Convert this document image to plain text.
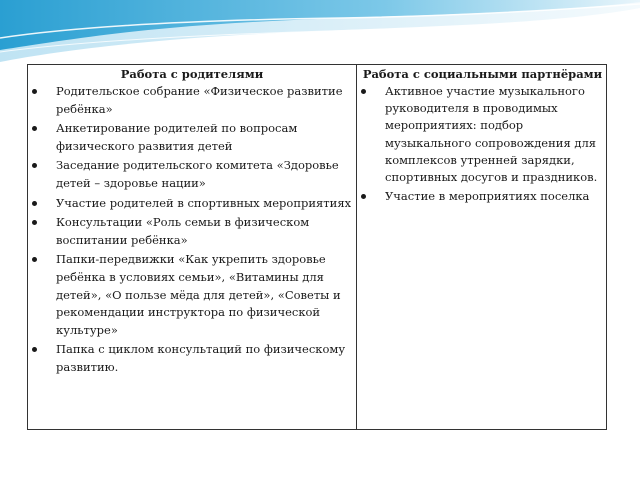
Работа с родителями
Родительское собрание «Физическое развитие ребёнка»
Анкетирование родителей по вопросам физического развития детей
Заседание родительского комитета «Здоровье детей – здоровье нации»
Участие родителей в спортивных мероприятиях
Консультации «Роль семьи в физическом воспитании ребёнка»
Папки-передвижки «Как укрепить здоровье ребёнка в условиях семьи», «Витамины для детей», «О пользе мёда для детей», «Советы и рекомендации инструктора по физической культуре»
Папка с циклом консультаций по физическому развитию.
Работа с социальными партнёрами
Активное участие музыкального руководителя в проводимых мероприятиях: подбор музыкального сопровождения для комплексов утренней зарядки, спортивных досугов и праздников.
Участие в мероприятиях поселка
